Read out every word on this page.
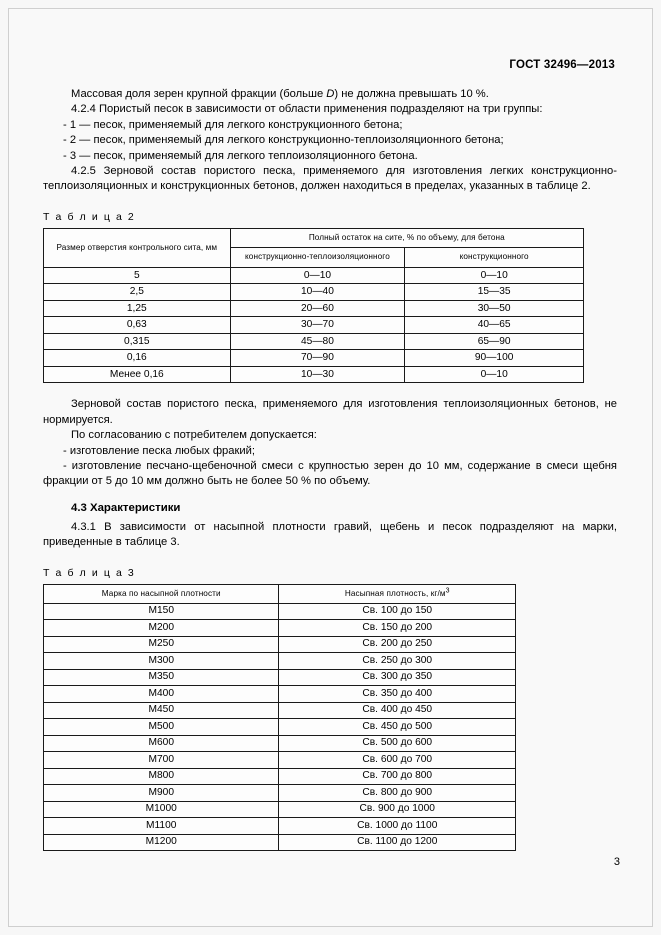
ГОСТ 32496—2013

Массовая доля зерен крупной фракции (больше D) не должна превышать 10 %.

4.2.4 Пористый песок в зависимости от области применения подразделяют на три группы:

- 1 — песок, применяемый для легкого конструкционного бетона;

- 2 — песок, применяемый для легкого конструкционно-теплоизоляционного бетона;

- 3 — песок, применяемый для легкого теплоизоляционного бетона.

4.2.5 Зерновой состав пористого песка, применяемого для изготовления легких конструкционно-теплоизоляционных и конструкционных бетонов, должен находиться в пределах, указанных в таблице 2.

Т а б л и ц а 2
Размер отверстия контрольного сита, мм	Полный остаток на сите, % по объему, для бетона	
	конструкционно-теплоизоляционного	конструкционного
5	0—10	0—10
2,5	10—40	15—35
1,25	20—60	30—50
0,63	30—70	40—65
0,315	45—80	65—90
0,16	70—90	90—100
Менее 0,16	10—30	0—10

Зерновой состав пористого песка, применяемого для изготовления теплоизоляционных бетонов, не нормируется.

По согласованию с потребителем допускается:

- изготовление песка любых фракий;

- изготовление песчано-щебеночной смеси с крупностью зерен до 10 мм, содержание в смеси щебня фракции от 5 до 10 мм должно быть не более 50 % по объему.

4.3 Характеристики

4.3.1 В зависимости от насыпной плотности гравий, щебень и песок подразделяют на марки, приведенные в таблице 3.

Т а б л и ц а 3
Марка по насыпной плотности	Насыпная плотность, $кг/м^3$
М150	Св. 100 до 150
М200	Св. 150 до 200
М250	Св. 200 до 250
М300	Св. 250 до 300
М350	Св. 300 до 350
М400	Св. 350 до 400
М450	Св. 400 до 450
М500	Св. 450 до 500
М600	Св. 500 до 600
М700	Св. 600 до 700
М800	Св. 700 до 800
М900	Св. 800 до 900
М1000	Св. 900 до 1000
М1100	Св. 1000 до 1100
М1200	Св. 1100 до 1200
3
